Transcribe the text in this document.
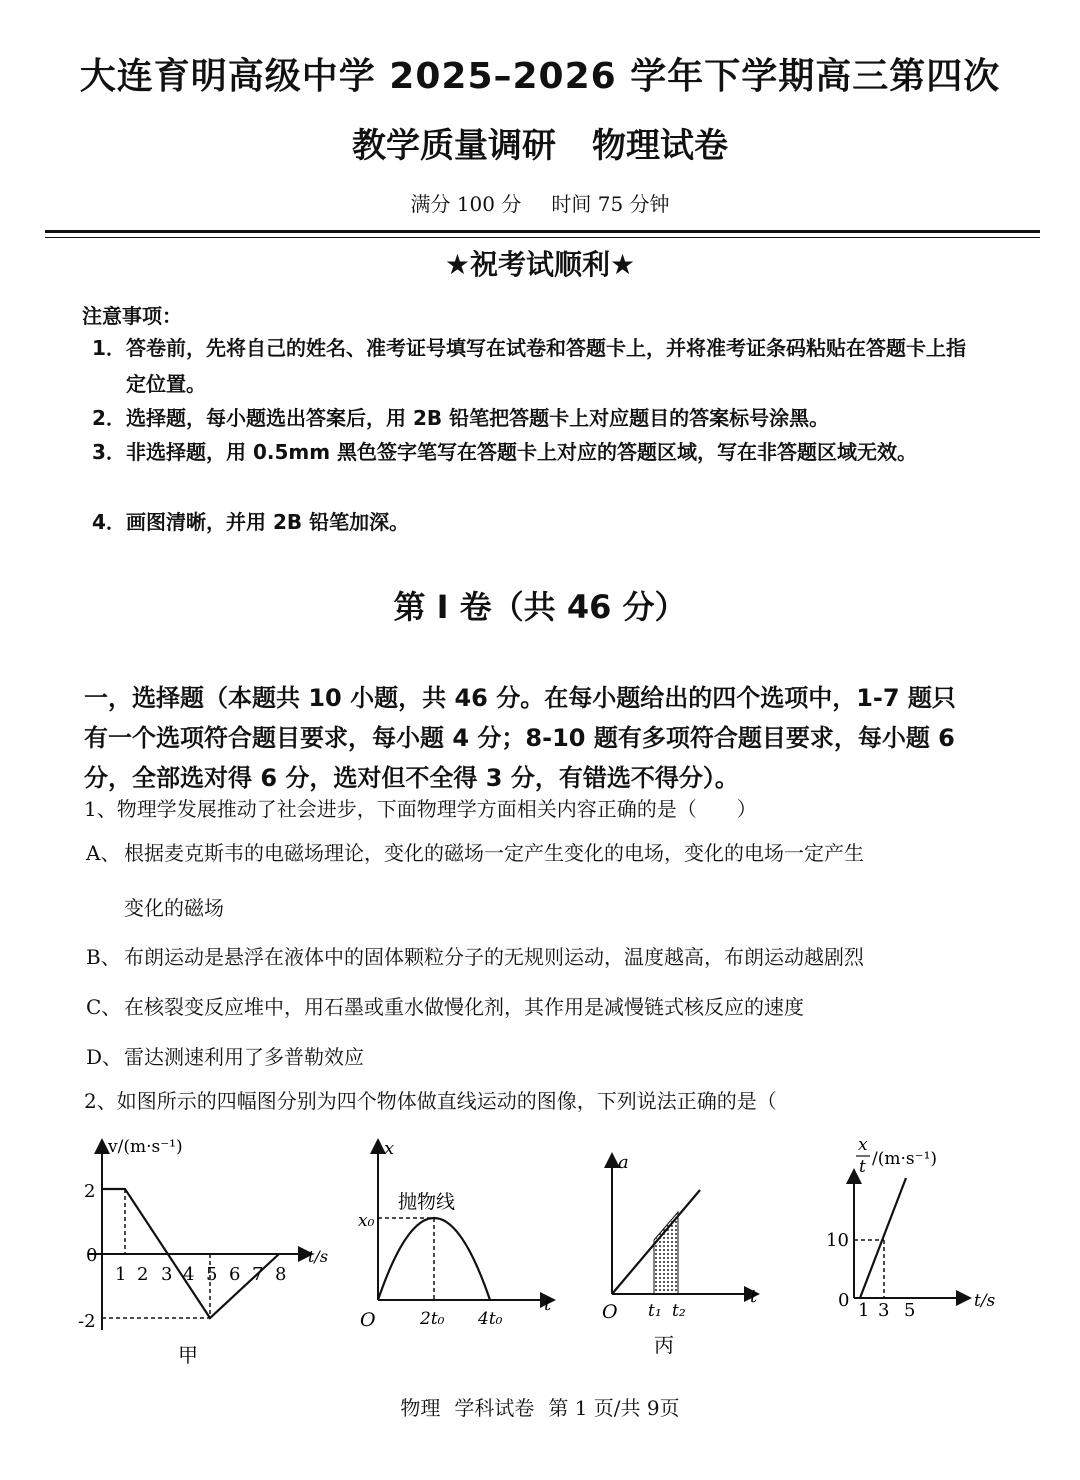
大连育明高级中学 2025–2026 学年下学期高三第四次
教学质量调研 物理试卷
满分 100 分 时间 75 分钟
★祝考试顺利★
注意事项：
1． 答卷前，先将自己的姓名、准考证号填写在试卷和答题卡上，并将准考证条码粘贴在答题卡上指定位置。
2． 选择题，每小题选出答案后，用 2B 铅笔把答题卡上对应题目的答案标号涂黑。
3． 非选择题，用 0.5mm 黑色签字笔写在答题卡上对应的答题区域，写在非答题区域无效。
4． 画图清晰，并用 2B 铅笔加深。
第 I 卷（共 46 分）
一，选择题（本题共 10 小题，共 46 分。在每小题给出的四个选项中，1-7 题只有一个选项符合题目要求，每小题 4 分；8-10 题有多项符合题目要求，每小题 6 分，全部选对得 6 分，选对但不全得 3 分，有错选不得分）。
1、物理学发展推动了社会进步，下面物理学方面相关内容正确的是（　　）
A、 根据麦克斯韦的电磁场理论，变化的磁场一定产生变化的电场，变化的电场一定产生
变化的磁场
B、 布朗运动是悬浮在液体中的固体颗粒分子的无规则运动，温度越高，布朗运动越剧烈
C、 在核裂变反应堆中，用石墨或重水做慢化剂，其作用是减慢链式核反应的速度
D、雷达测速利用了多普勒效应
2、如图所示的四幅图分别为四个物体做直线运动的图像，下列说法正确的是（
v/(m·s⁻¹)
t/s
2
0
-2
1 2 3 4 5 6 7 8
甲
x
t
x₀
抛物线
O	2t₀ 4t₀
a
t
O t₁ t₂
丙
x
t /(m·s⁻¹)
t/s
0
10
1 3 5
物理 学科试卷 第 1 页/共 9页
